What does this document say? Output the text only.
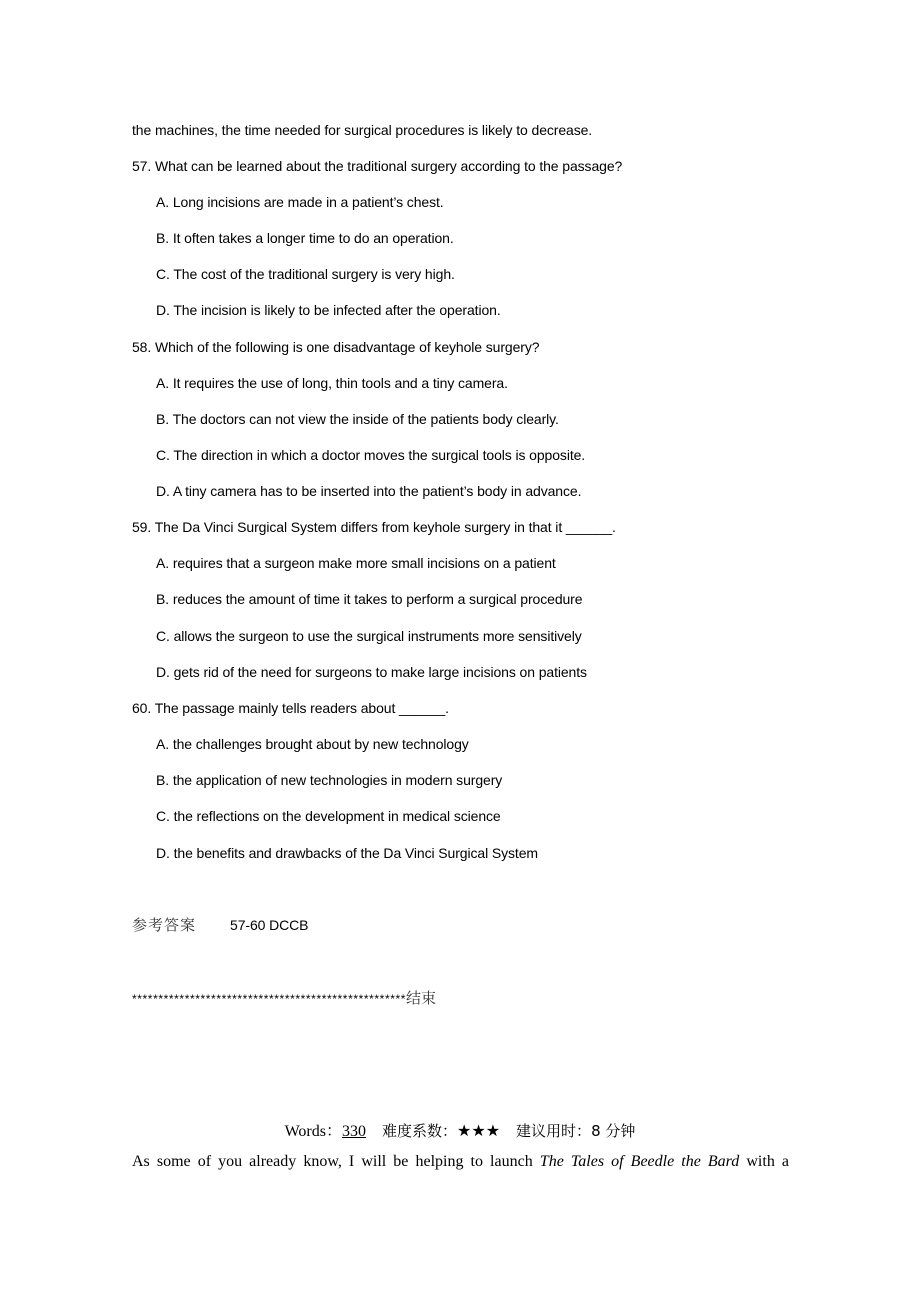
the machines, the time needed for surgical procedures is likely to decrease.
57. What can be learned about the traditional surgery according to the passage?
A. Long incisions are made in a patient’s chest.
B. It often takes a longer time to do an operation.
C. The cost of the traditional surgery is very high.
D. The incision is likely to be infected after the operation.
58. Which of the following is one disadvantage of keyhole surgery?
A. It requires the use of long, thin tools and a tiny camera.
B. The doctors can not view the inside of the patients body clearly.
C. The direction in which a doctor moves the surgical tools is opposite.
D. A tiny camera has to be inserted into the patient’s body in advance.
59. The Da Vinci Surgical System differs from keyhole surgery in that it ______.
A. requires that a surgeon make more small incisions on a patient
B. reduces the amount of time it takes to perform a surgical procedure
C. allows the surgeon to use the surgical instruments more sensitively
D. gets rid of the need for surgeons to make large incisions on patients
60. The passage mainly tells readers about ______.
A. the challenges brought about by new technology
B. the application of new technologies in modern surgery
C. the reflections on the development in medical science
D. the benefits and drawbacks of the Da Vinci Surgical System
参考答案 57-60 DCCB
****************************************************结束
Words：330 难度系数：★★★ 建议用时：8 分钟
As some of you already know, I will be helping to launch The Tales of Beedle the Bard with a
